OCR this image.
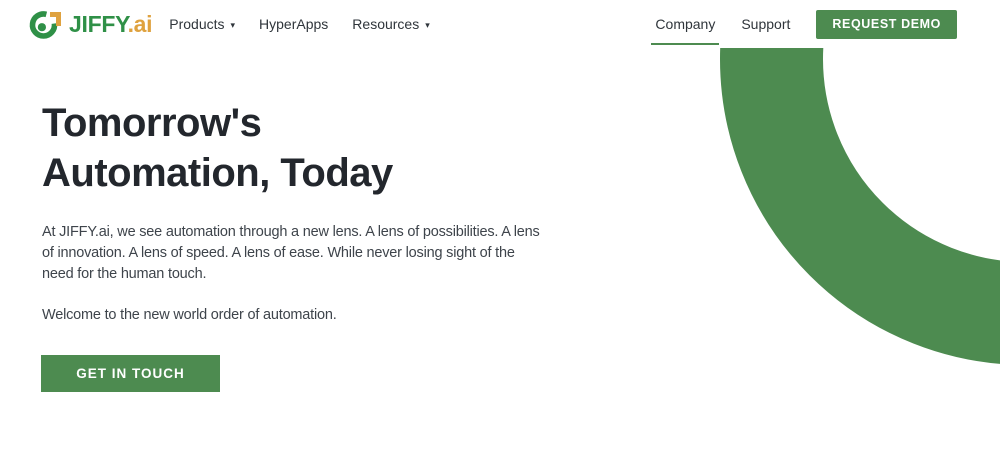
JIFFY.ai Products ▾ HyperApps Resources ▾	Company Support	REQUEST DEMO
Tomorrow's
Automation, Today

At JIFFY.ai, we see automation through a new lens. A lens of possibilities. A lens
of innovation. A lens of speed. A lens of ease. While never losing sight of the
need for the human touch.

Welcome to the new world order of automation.

GET IN TOUCH
